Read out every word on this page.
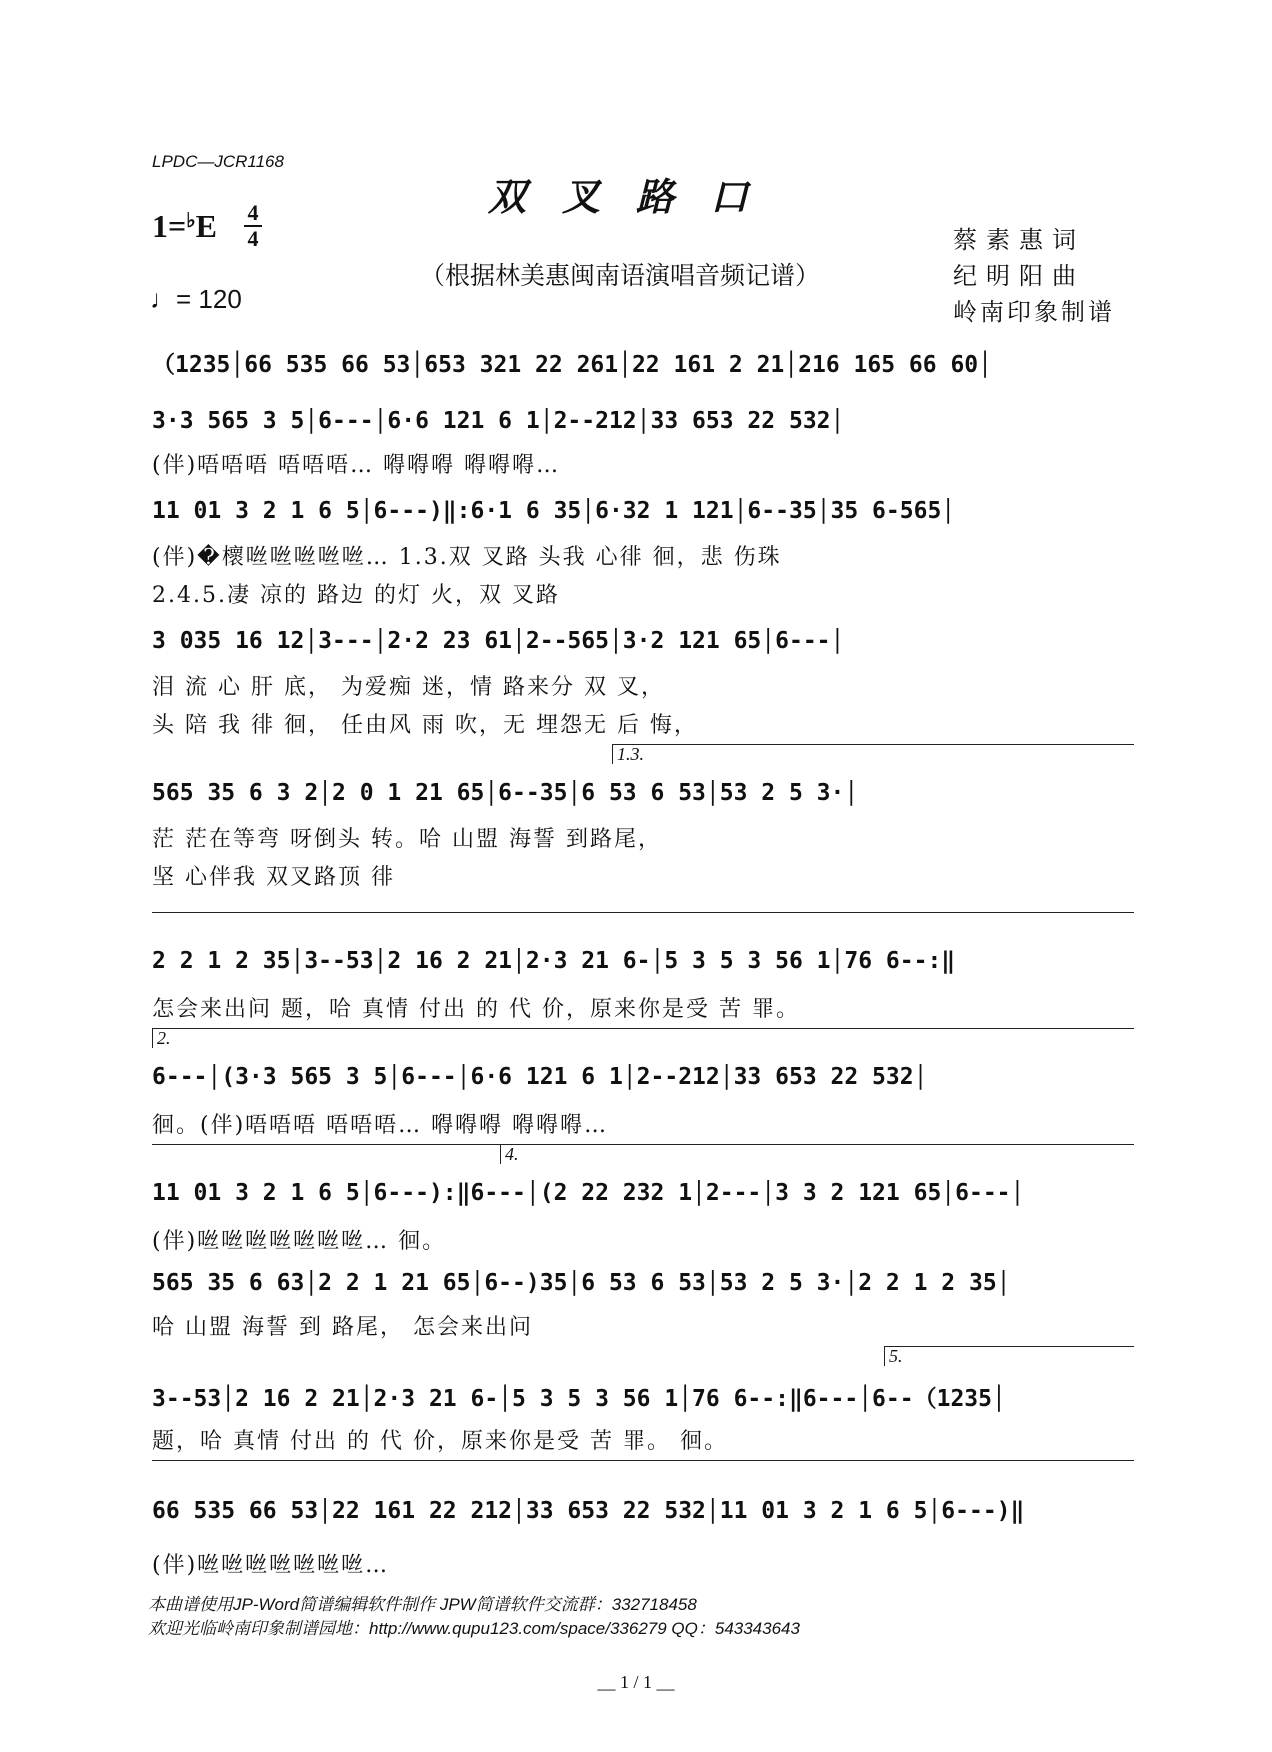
LPDC—JCR1168
双叉路口
1=♭E 4
4
♩= 120
（根据林美惠闽南语演唱音频记谱）
蔡素惠词
纪明阳曲
岭南印象制谱
（1235│66 535 66 53│653 321 22 261│22 161 2 21│216 165 66 60│
3·3 565 3 5│6---│6·6 121 6 1│2--212│33 653 22 532│
(伴)唔唔唔 唔唔唔… 嘚嘚嘚 嘚嘚嘚…
11 01 3 2 1 6 5│6---)‖:6·1 6 35│6·32 1 121│6--35│35 6-565│
(伴)�櫰咝咝咝咝咝… 1.3.双 叉路 头我 心徘 徊，悲 伤珠
2.4.5.凄 凉的 路边 的灯 火，双 叉路
3 035 16 12│3---│2·2 23 61│2--565│3·2 121 65│6---│
泪 流 心 肝 底， 为爱痴 迷，情 路来分 双 叉，
头 陪 我 徘 徊， 任由风 雨 吹，无 埋怨无 后 悔，
1.3.
565 35 6 3 2│2 0 1 21 65│6--35│6 53 6 53│53 2 5 3·│
茫 茫在等弯 呀倒头 转。哈 山盟 海誓 到路尾，
坚 心伴我 双叉路顶 徘
2 2 1 2 35│3--53│2 16 2 21│2·3 21 6-│5 3 5 3 56 1│76 6--:‖
怎会来出问 题，哈 真情 付出 的 代 价，原来你是受 苦 罪。
2.
6---│(3·3 565 3 5│6---│6·6 121 6 1│2--212│33 653 22 532│
徊。(伴)唔唔唔 唔唔唔… 嘚嘚嘚 嘚嘚嘚…
4.
11 01 3 2 1 6 5│6---):‖6---│(2 22 232 1│2---│3 3 2 121 65│6---│
(伴)咝咝咝咝咝咝咝… 徊。
565 35 6 63│2 2 1 21 65│6--)35│6 53 6 53│53 2 5 3·│2 2 1 2 35│
哈 山盟 海誓 到 路尾， 怎会来出问
5.
3--53│2 16 2 21│2·3 21 6-│5 3 5 3 56 1│76 6--:‖6---│6--（1235│
题，哈 真情 付出 的 代 价，原来你是受 苦 罪。 徊。
66 535 66 53│22 161 22 212│33 653 22 532│11 01 3 2 1 6 5│6---)‖
(伴)咝咝咝咝咝咝咝…
本曲谱使用JP-Word简谱编辑软件制作 JPW简谱软件交流群：332718458
欢迎光临岭南印象制谱园地：http://www.qupu123.com/space/336279 QQ：543343643
__ 1 / 1 __
